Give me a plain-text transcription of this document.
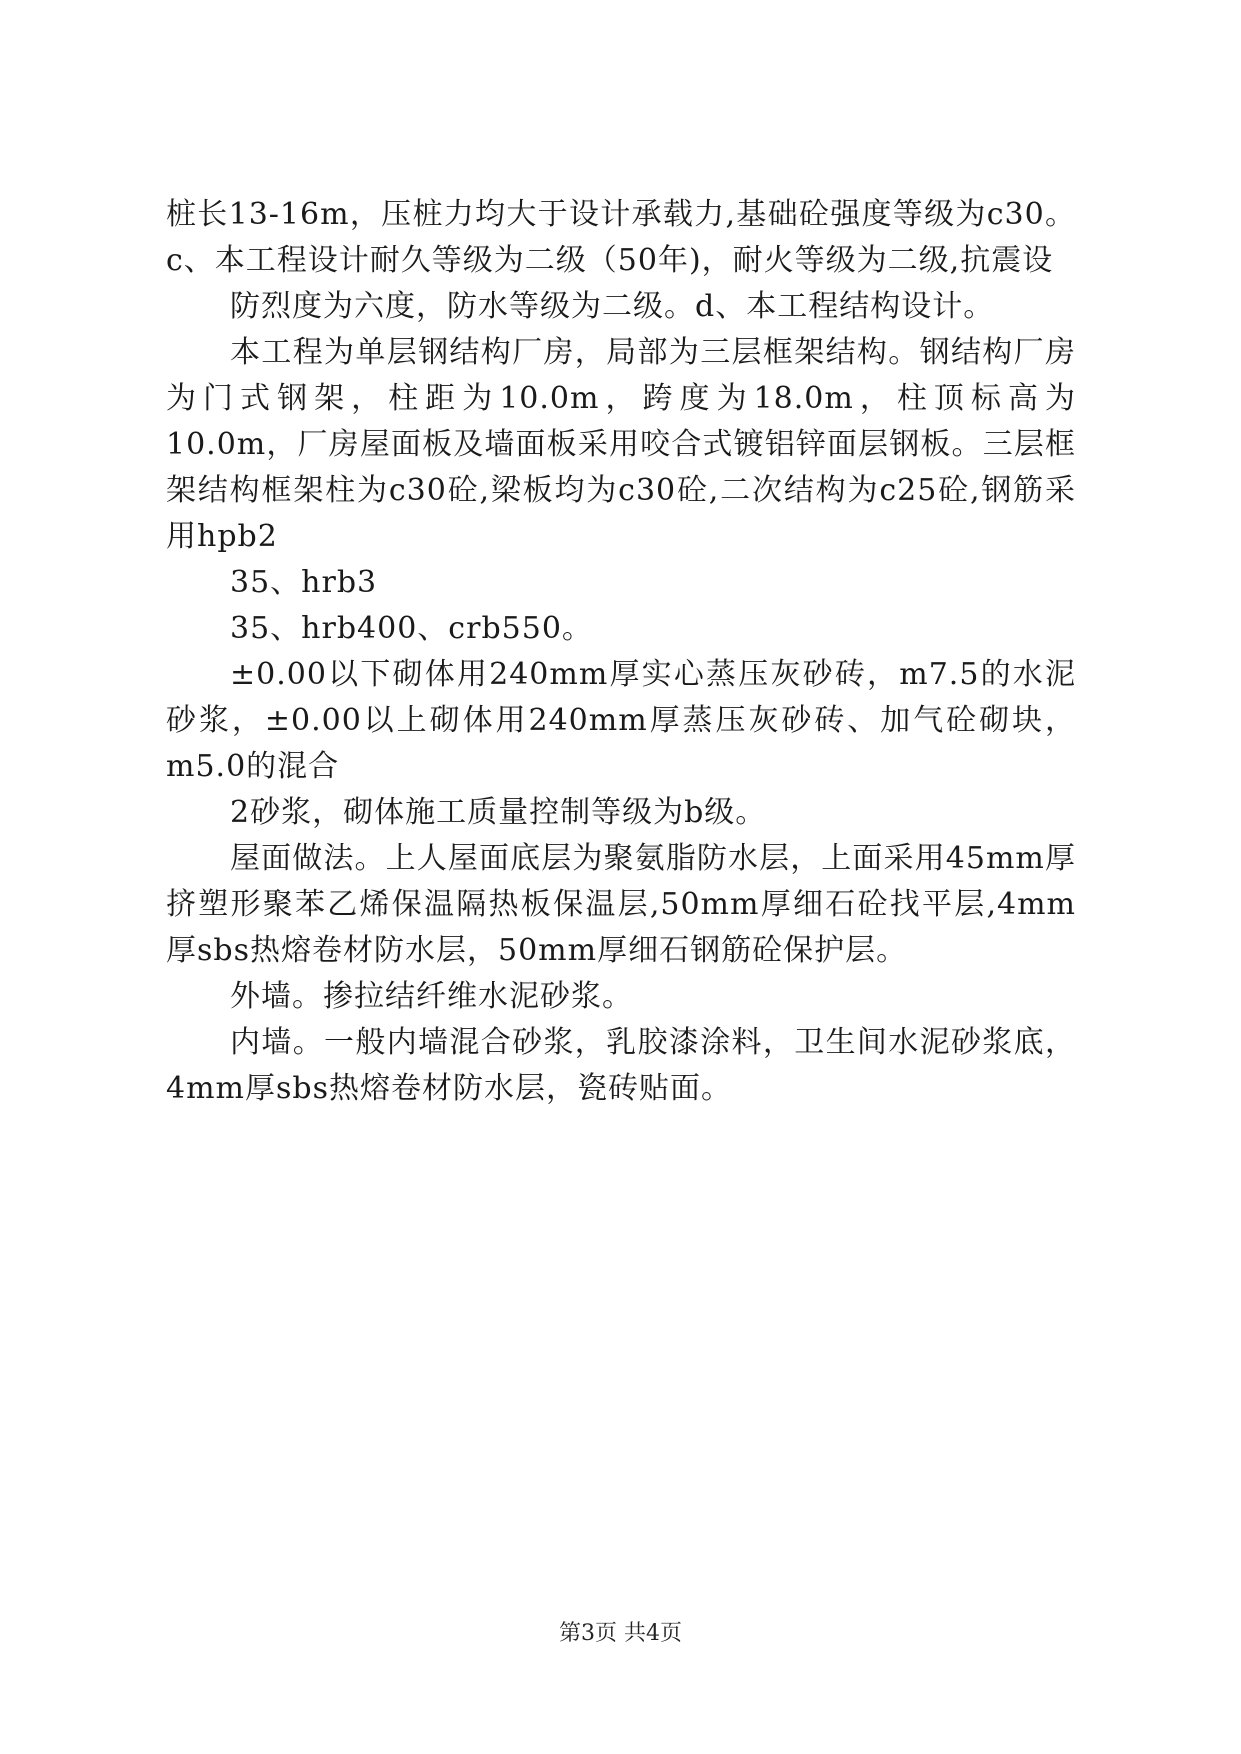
桩长13-16m，压桩力均大于设计承载力,基础砼强度等级为c30。c、本工程设计耐久等级为二级（50年)，耐火等级为二级,抗震设

防烈度为六度，防水等级为二级。d、本工程结构设计。

本工程为单层钢结构厂房，局部为三层框架结构。钢结构厂房为门式钢架，柱距为10.0m，跨度为18.0m，柱顶标高为10.0m，厂房屋面板及墙面板采用咬合式镀铝锌面层钢板。三层框架结构框架柱为c30砼,梁板均为c30砼,二次结构为c25砼,钢筋采用hpb2

35、hrb3

35、hrb400、crb550。

±0.00以下砌体用240mm厚实心蒸压灰砂砖，m7.5的水泥砂浆，±0.00以上砌体用240mm厚蒸压灰砂砖、加气砼砌块，m5.0的混合

2砂浆，砌体施工质量控制等级为b级。

屋面做法。上人屋面底层为聚氨脂防水层，上面采用45mm厚挤塑形聚苯乙烯保温隔热板保温层,50mm厚细石砼找平层,4mm厚sbs热熔卷材防水层，50mm厚细石钢筋砼保护层。

外墙。掺拉结纤维水泥砂浆。

内墙。一般内墙混合砂浆，乳胶漆涂料，卫生间水泥砂浆底，4mm厚sbs热熔卷材防水层，瓷砖贴面。

第3页 共4页
